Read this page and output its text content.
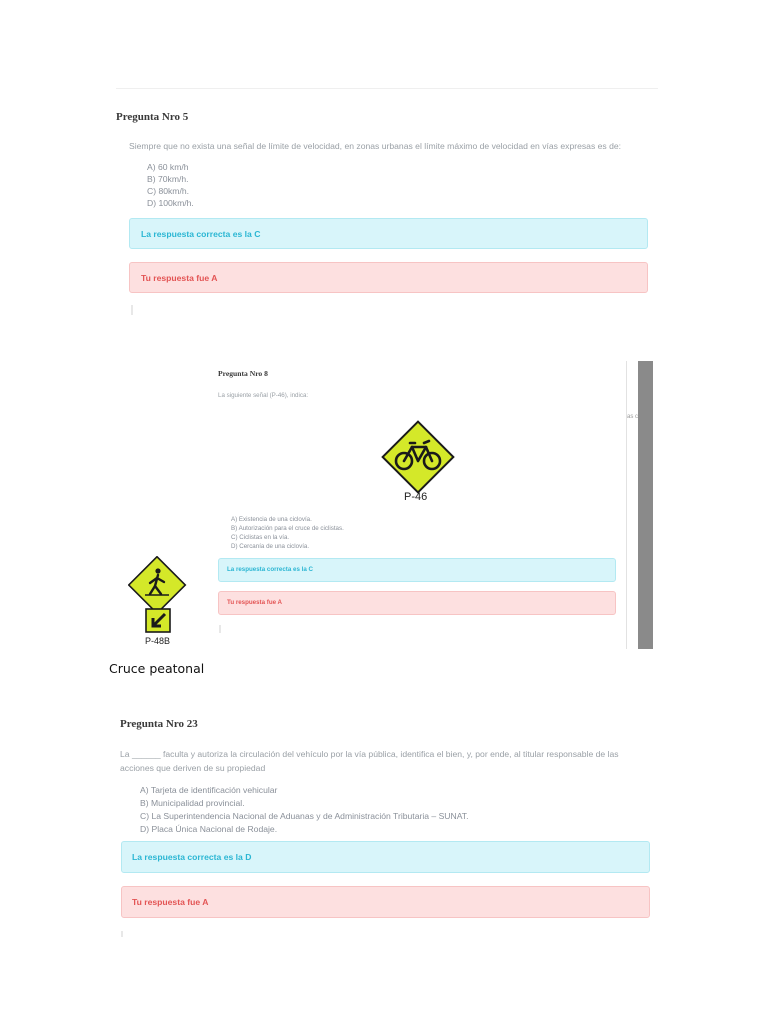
Pregunta Nro 5
Siempre que no exista una señal de límite de velocidad, en zonas urbanas el límite máximo de velocidad en vías expresas es de:
A) 60 km/h
B) 70km/h.
C) 80km/h.
D) 100km/h.
La respuesta correcta es la C
Tu respuesta fue A
Pregunta Nro 8
La siguiente señal (P-46), indica:
P-46
A) Existencia de una ciclovía.
B) Autorización para el cruce de ciclistas.
C) Ciclistas en la vía.
D) Cercanía de una ciclovía.
La respuesta correcta es la C
Tu respuesta fue A
as c
P-48B
Cruce peatonal
Pregunta Nro 23
La ______ faculta y autoriza la circulación del vehículo por la vía pública, identifica el bien, y, por ende, al titular responsable de las
acciones que deriven de su propiedad
A) Tarjeta de identificación vehicular
B) Municipalidad provincial.
C) La Superintendencia Nacional de Aduanas y de Administración Tributaria – SUNAT.
D) Placa Única Nacional de Rodaje.
La respuesta correcta es la D
Tu respuesta fue A
